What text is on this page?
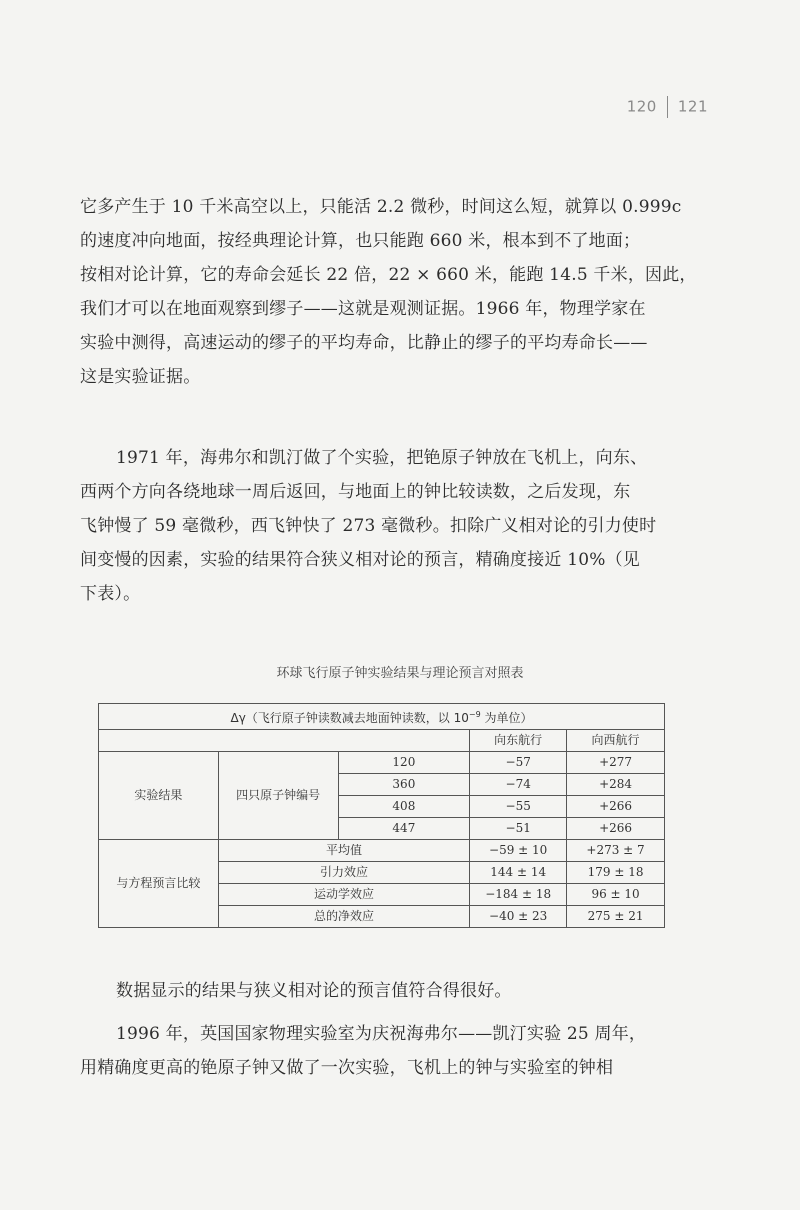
120 121
它多产生于 10 千米高空以上，只能活 2.2 微秒，时间这么短，就算以 0.999c
的速度冲向地面，按经典理论计算，也只能跑 660 米，根本到不了地面；
按相对论计算，它的寿命会延长 22 倍，22 × 660 米，能跑 14.5 千米，因此，
我们才可以在地面观察到缪子——这就是观测证据。1966 年，物理学家在
实验中测得，高速运动的缪子的平均寿命，比静止的缪子的平均寿命长——
这是实验证据。
1971 年，海弗尔和凯汀做了个实验，把铯原子钟放在飞机上，向东、
西两个方向各绕地球一周后返回，与地面上的钟比较读数，之后发现，东
飞钟慢了 59 毫微秒，西飞钟快了 273 毫微秒。扣除广义相对论的引力使时
间变慢的因素，实验的结果符合狭义相对论的预言，精确度接近 10%（见
下表）。
环球飞行原子钟实验结果与理论预言对照表
Δγ（飞行原子钟读数减去地面钟读数，以 $10^{-9}$ 为单位）				
			向东航行	向西航行
实验结果	四只原子钟编号	120	−57	+277
		360	−74	+284
		408	−55	+266
		447	−51	+266
与方程预言比较	平均值		−59 ± 10	+273 ± 7
	引力效应		144 ± 14	179 ± 18
	运动学效应		−184 ± 18	96 ± 10
	总的净效应		−40 ± 23	275 ± 21
数据显示的结果与狭义相对论的预言值符合得很好。
1996 年，英国国家物理实验室为庆祝海弗尔——凯汀实验 25 周年，
用精确度更高的铯原子钟又做了一次实验，飞机上的钟与实验室的钟相
